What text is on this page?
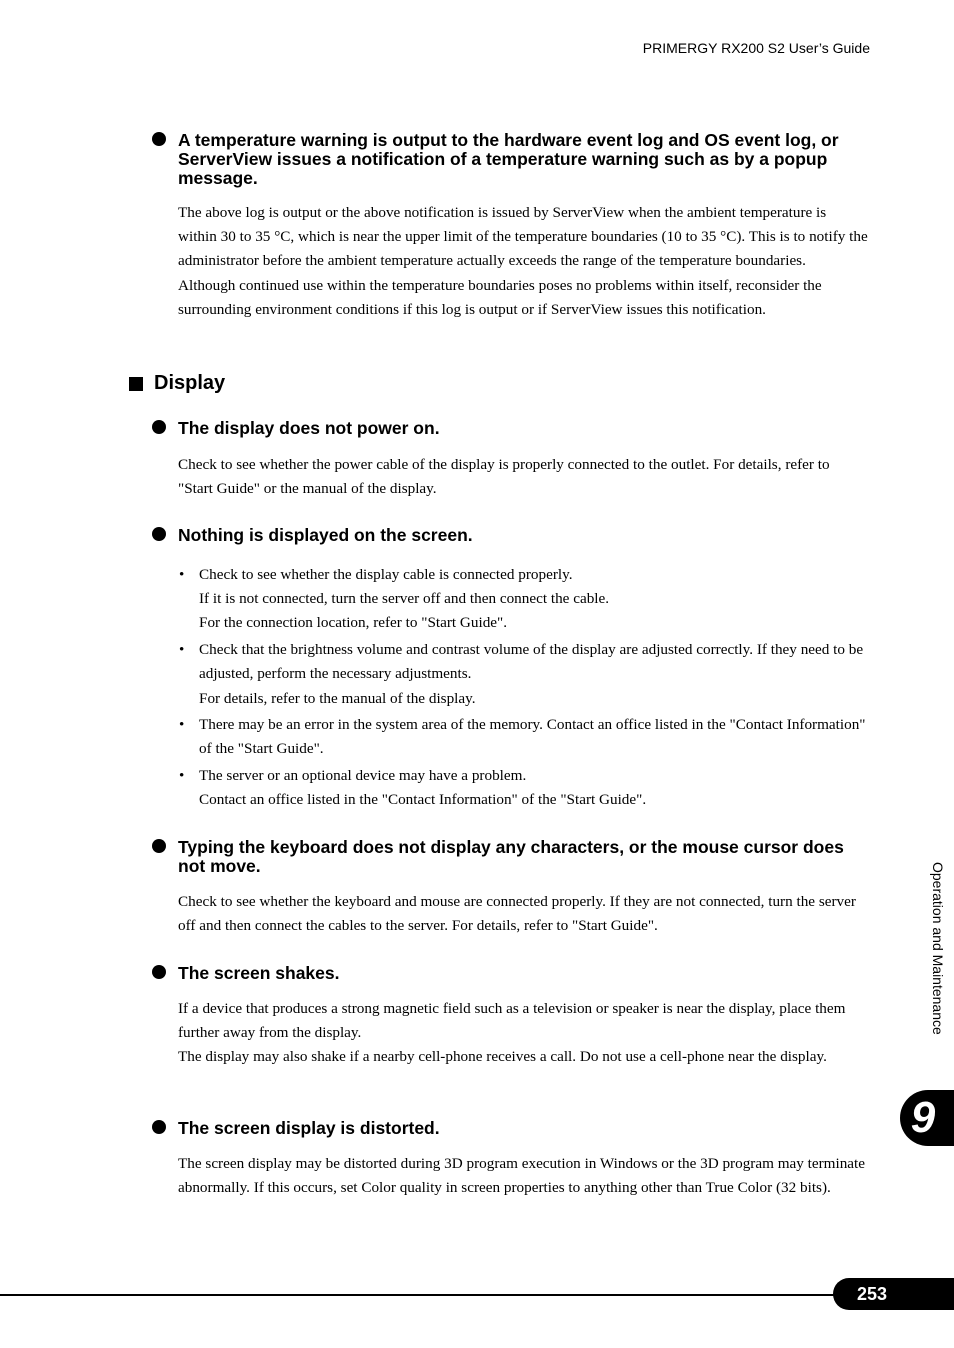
PRIMERGY RX200 S2 User’s Guide
A temperature warning is output to the hardware event log and OS event log, or ServerView issues a notification of a temperature warning such as by a popup message.

The above log is output or the above notification is issued by ServerView when the ambient temperature is within 30 to 35 °C, which is near the upper limit of the temperature boundaries (10 to 35 °C). This is to notify the administrator before the ambient temperature actually exceeds the range of the temperature boundaries.

Although continued use within the temperature boundaries poses no problems within itself, reconsider the surrounding environment conditions if this log is output or if ServerView issues this notification.

Display
The display does not power on.

Check to see whether the power cable of the display is properly connected to the outlet. For details, refer to "Start Guide" or the manual of the display.

Nothing is displayed on the screen.
• Check to see whether the display cable is connected properly.
If it is not connected, turn the server off and then connect the cable.
For the connection location, refer to "Start Guide".
• Check that the brightness volume and contrast volume of the display are adjusted correctly. If they need to be adjusted, perform the necessary adjustments.
For details, refer to the manual of the display.
• There may be an error in the system area of the memory. Contact an office listed in the "Contact Information" of the "Start Guide".
• The server or an optional device may have a problem.
Contact an office listed in the "Contact Information" of the "Start Guide".
Typing the keyboard does not display any characters, or the mouse cursor does not move.

Check to see whether the keyboard and mouse are connected properly. If they are not connected, turn the server off and then connect the cables to the server. For details, refer to "Start Guide".

The screen shakes.

If a device that produces a strong magnetic field such as a television or speaker is near the display, place them further away from the display.

The display may also shake if a nearby cell-phone receives a call. Do not use a cell-phone near the display.

The screen display is distorted.

The screen display may be distorted during 3D program execution in Windows or the 3D program may terminate abnormally. If this occurs, set Color quality in screen properties to anything other than True Color (32 bits).

Operation and Maintenance
9
253
